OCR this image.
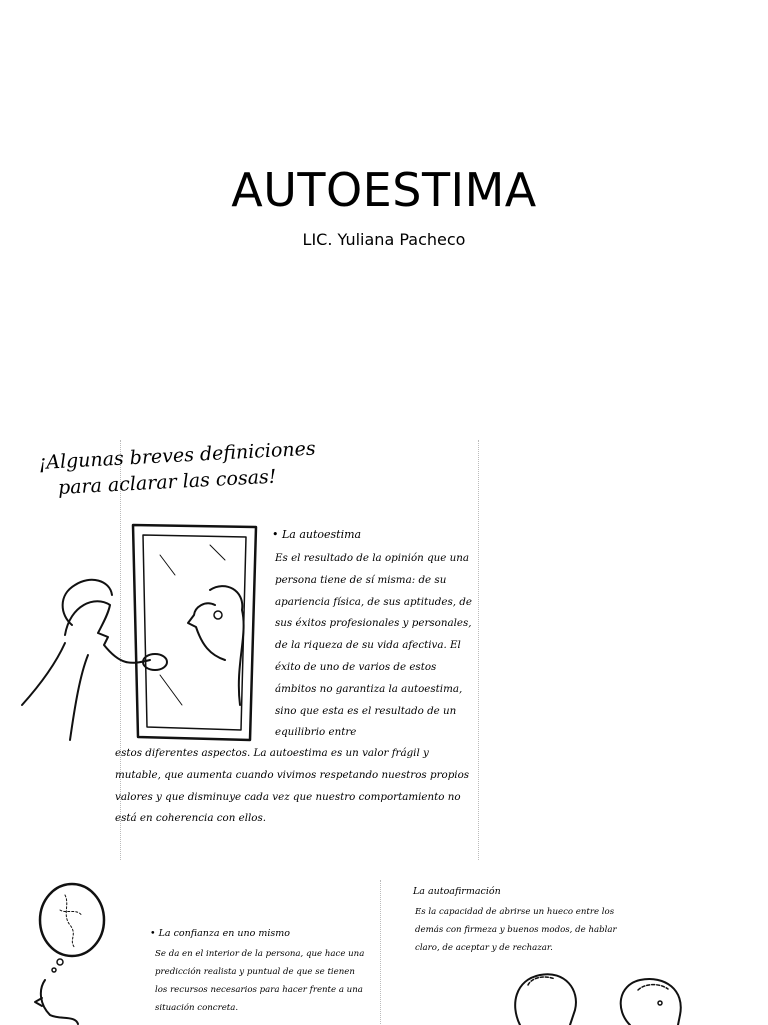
AUTOESTIMA
LIC. Yuliana Pacheco
¡Algunas breves definiciones
para aclarar las cosas!
• La autoestima
Es el resultado de la opinión que una persona tiene de sí misma: de su apariencia física, de sus aptitudes, de sus éxitos profesionales y personales, de la riqueza de su vida afectiva. El éxito de uno de varios de estos ámbitos no garantiza la autoestima, sino que esta es el resultado de un equilibrio entre
estos diferentes aspectos. La autoestima es un valor frágil y mutable, que aumenta cuando vivimos respetando nuestros propios valores y que disminuye cada vez que nuestro comportamiento no está en coherencia con ellos.
• La confianza en uno mismo
Se da en el interior de la persona, que hace una predicción realista y puntual de que se tienen los recursos necesarios para hacer frente a una situación concreta.
La autoafirmación
Es la capacidad de abrirse un hueco entre los demás con firmeza y buenos modos, de hablar claro, de aceptar y de rechazar.
